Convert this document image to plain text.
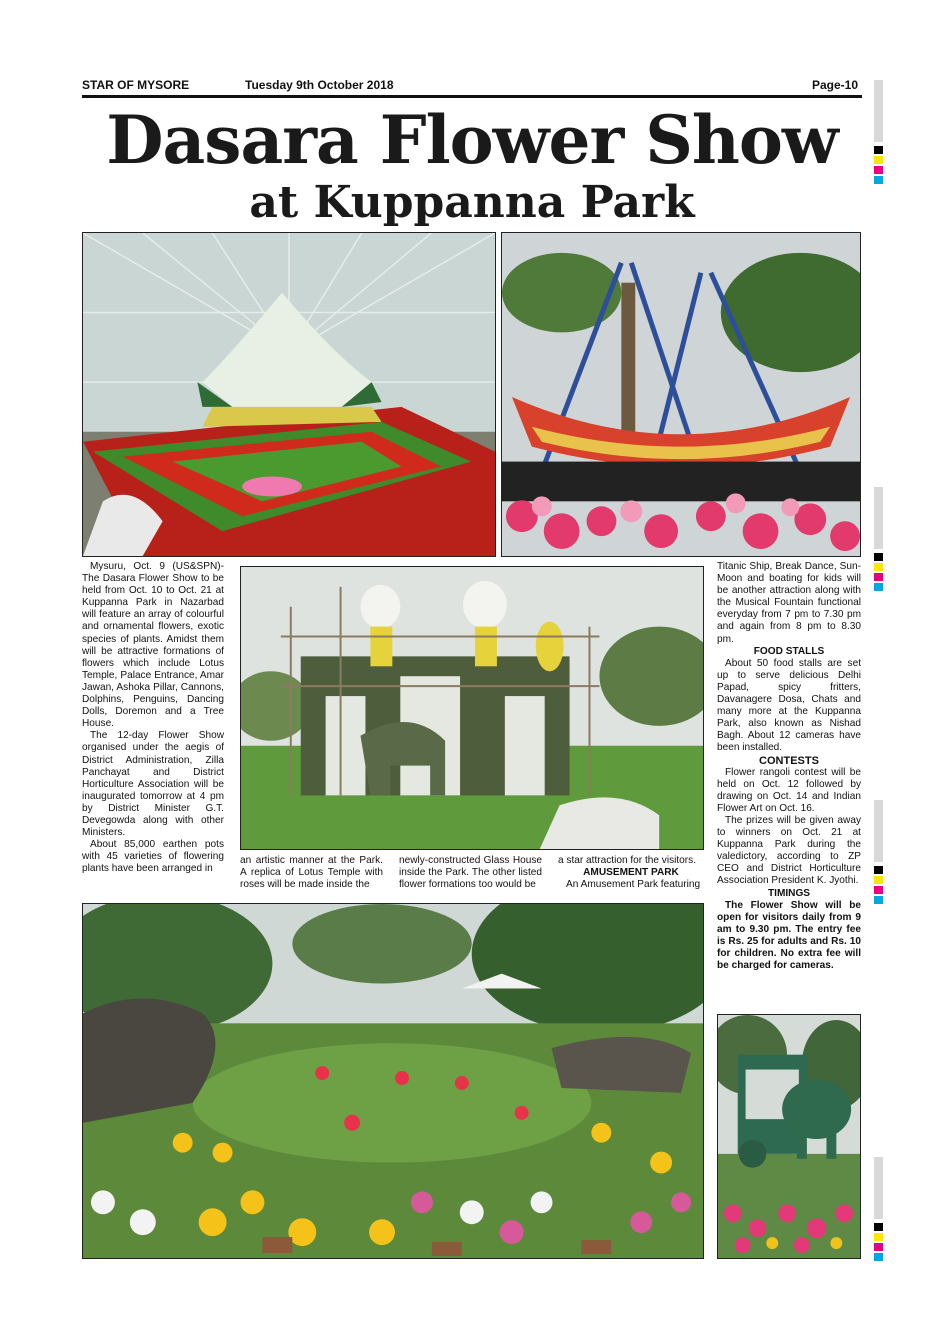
STAR OF MYSORE	Tuesday 9th October 2018	Page-10
Dasara Flower Show
at Kuppanna Park

Mysuru, Oct. 9 (US&SPN)- The Dasara Flower Show to be held from Oct. 10 to Oct. 21 at Kuppanna Park in Nazarbad will feature an array of colourful and ornamental flowers, exotic species of plants. Amidst them will be attractive formations of flowers which include Lotus Temple, Palace Entrance, Amar Jawan, Ashoka Pillar, Cannons, Dolphins, Penguins, Dancing Dolls, Doremon and a Tree House.

The 12-day Flower Show organised under the aegis of District Administration, Zilla Panchayat and District Horticulture Association will be inaugurated tomorrow at 4 pm by District Minister G.T. Devegowda along with other Ministers.

About 85,000 earthen pots with 45 varieties of flowering plants have been arranged in

an artistic manner at the Park. A replica of Lotus Temple with roses will be made inside the

newly-constructed Glass House inside the Park. The other listed flower formations too would be

a star attraction for the visitors.

AMUSEMENT PARK

An Amusement Park featuring

Titanic Ship, Break Dance, Sun-Moon and boating for kids will be another attraction along with the Musical Fountain functional everyday from 7 pm to 7.30 pm and again from 8 pm to 8.30 pm.

FOOD STALLS

About 50 food stalls are set up to serve delicious Delhi Papad, spicy fritters, Davanagere Dosa, Chats and many more at the Kuppanna Park, also known as Nishad Bagh. About 12 cameras have been installed.

CONTESTS

Flower rangoli contest will be held on Oct. 12 followed by drawing on Oct. 14 and Indian Flower Art on Oct. 16.

The prizes will be given away to winners on Oct. 21 at Kuppanna Park during the valedictory, according to ZP CEO and District Horticulture Association President K. Jyothi.

TIMINGS

The Flower Show will be open for visitors daily from 9 am to 9.30 pm. The entry fee is Rs. 25 for adults and Rs. 10 for children. No extra fee will be charged for cameras.
